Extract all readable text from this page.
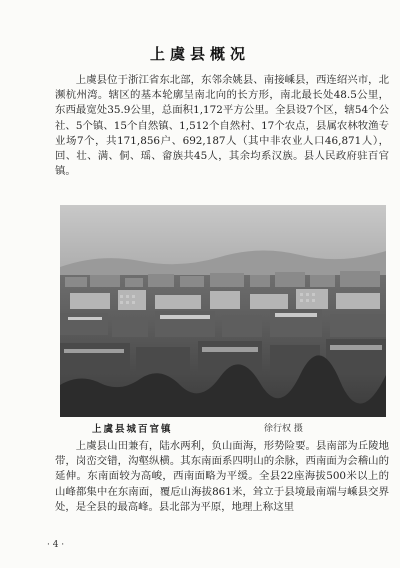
上虞县概况

上虞县位于浙江省东北部，东邻余姚县、南接嵊县，西连绍兴市，北濒杭州湾。辖区的基本轮廓呈南北向的长方形，南北最长处48.5公里，东西最宽处35.9公里，总面积1,172平方公里。全县设7个区，辖54个公社、5个镇、15个自然镇、1,512个自然村、17个农点，县属农林牧渔专业场7个，共171,856户、692,187人（其中非农业人口46,871人），回、壮、满、侗、瑶、畲族共45人，其余均系汉族。县人民政府驻百官镇。

上虞县城百官镇	徐行权 摄

上虞县山田兼有，陆水两利，负山面海，形势险要。县南部为丘陵地带，岗峦交错，沟壑纵横。其东南面系四明山的余脉，西南面为会稽山的延伸。东南面较为高峻，西南面略为平缓。全县22座海拔500米以上的山峰都集中在东南面，覆卮山海拔861米，耸立于县境最南端与嵊县交界处，是全县的最高峰。县北部为平原，地理上称这里

· 4 ·
